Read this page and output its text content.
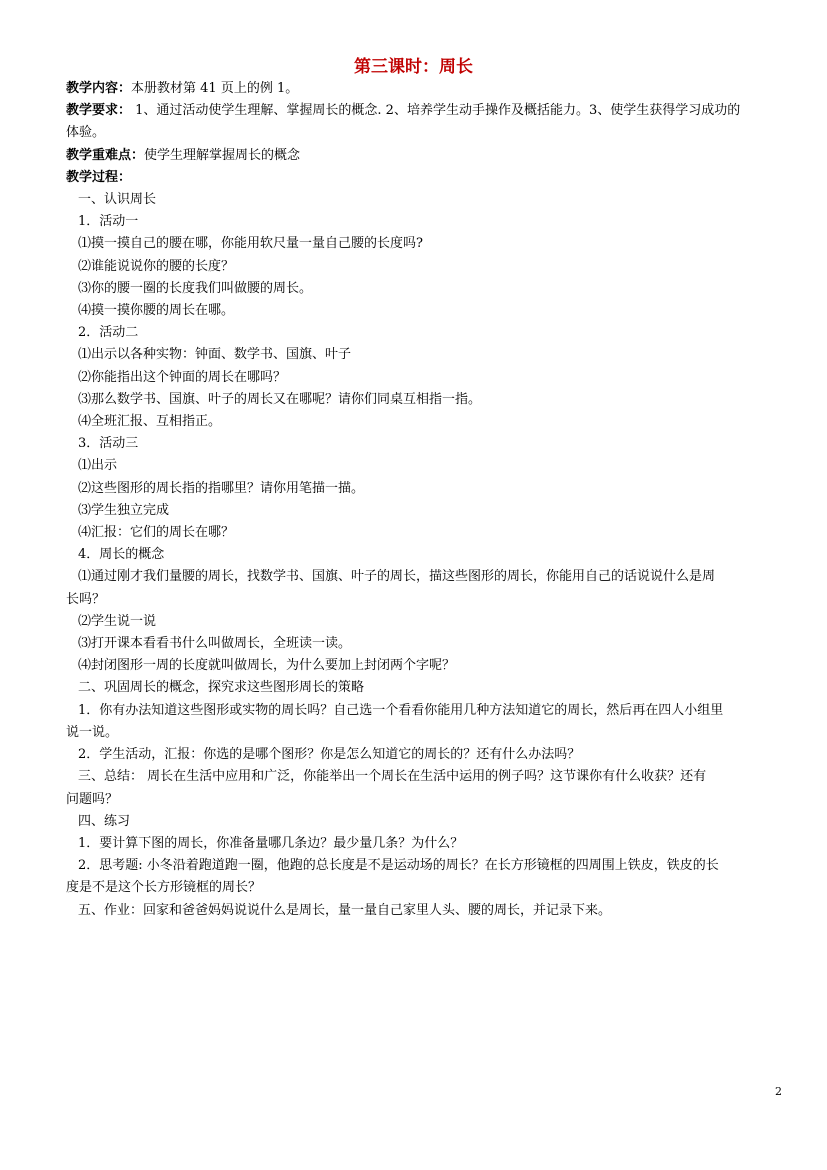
第三课时：周长
教学内容：本册教材第 41 页上的例 1。
教学要求： 1、通过活动使学生理解、掌握周长的概念. 2、培养学生动手操作及概括能力。3、使学生获得学习成功的
体验。
教学重难点：使学生理解掌握周长的概念
教学过程：
一、认识周长
1．活动一
⑴摸一摸自己的腰在哪，你能用软尺量一量自己腰的长度吗?
⑵谁能说说你的腰的长度？
⑶你的腰一圈的长度我们叫做腰的周长。
⑷摸一摸你腰的周长在哪。
2．活动二
⑴出示以各种实物：钟面、数学书、国旗、叶子
⑵你能指出这个钟面的周长在哪吗？
⑶那么数学书、国旗、叶子的周长又在哪呢？请你们同桌互相指一指。
⑷全班汇报、互相指正。
3．活动三
⑴出示
⑵这些图形的周长指的指哪里？请你用笔描一描。
⑶学生独立完成
⑷汇报：它们的周长在哪？
4．周长的概念
⑴通过刚才我们量腰的周长，找数学书、国旗、叶子的周长，描这些图形的周长，你能用自己的话说说什么是周
长吗？
⑵学生说一说
⑶打开课本看看书什么叫做周长，全班读一读。
⑷封闭图形一周的长度就叫做周长，为什么要加上封闭两个字呢？
二、巩固周长的概念，探究求这些图形周长的策略
1．你有办法知道这些图形或实物的周长吗？自己选一个看看你能用几种方法知道它的周长，然后再在四人小组里
说一说。
2．学生活动，汇报：你选的是哪个图形？你是怎么知道它的周长的？还有什么办法吗？
三、总结： 周长在生活中应用和广泛，你能举出一个周长在生活中运用的例子吗？这节课你有什么收获？还有
问题吗？
四、练习
1．要计算下图的周长，你准备量哪几条边？最少量几条？为什么？
2．思考题: 小冬沿着跑道跑一圈，他跑的总长度是不是运动场的周长？在长方形镜框的四周围上铁皮，铁皮的长
度是不是这个长方形镜框的周长？
五、作业：回家和爸爸妈妈说说什么是周长，量一量自己家里人头、腰的周长，并记录下来。
2
